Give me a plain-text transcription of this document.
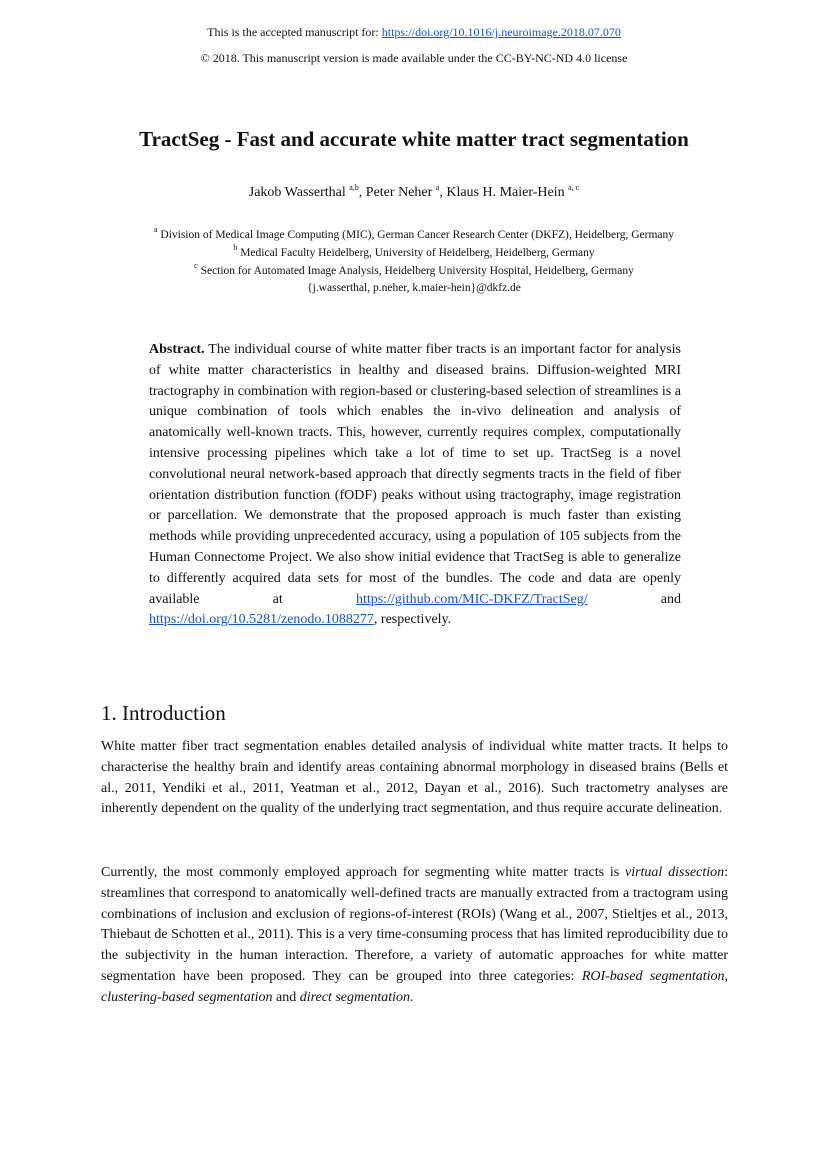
This is the accepted manuscript for: https://doi.org/10.1016/j.neuroimage.2018.07.070
© 2018. This manuscript version is made available under the CC-BY-NC-ND 4.0 license
TractSeg - Fast and accurate white matter tract segmentation
Jakob Wasserthal $^{a,b}$, Peter Neher $^a$, Klaus H. Maier-Hein $^{a, c}$
$^a$ Division of Medical Image Computing (MIC), German Cancer Research Center (DKFZ), Heidelberg, Germany
$^b$ Medical Faculty Heidelberg, University of Heidelberg, Heidelberg, Germany
$^c$ Section for Automated Image Analysis, Heidelberg University Hospital, Heidelberg, Germany
{j.wasserthal, p.neher, k.maier-hein}@dkfz.de
Abstract. The individual course of white matter fiber tracts is an important factor for analysis of white matter characteristics in healthy and diseased brains. Diffusion-weighted MRI tractography in combination with region-based or clustering-based selection of streamlines is a unique combination of tools which enables the in-vivo delineation and analysis of anatomically well-known tracts. This, however, currently requires complex, computationally intensive processing pipelines which take a lot of time to set up. TractSeg is a novel convolutional neural network-based approach that directly segments tracts in the field of fiber orientation distribution function (fODF) peaks without using tractography, image registration or parcellation. We demonstrate that the proposed approach is much faster than existing methods while providing unprecedented accuracy, using a population of 105 subjects from the Human Connectome Project. We also show initial evidence that TractSeg is able to generalize to differently acquired data sets for most of the bundles. The code and data are openly available at https://github.com/MIC-DKFZ/TractSeg/ and https://doi.org/10.5281/zenodo.1088277, respectively.
1. Introduction
White matter fiber tract segmentation enables detailed analysis of individual white matter tracts. It helps to characterise the healthy brain and identify areas containing abnormal morphology in diseased brains (Bells et al., 2011, Yendiki et al., 2011, Yeatman et al., 2012, Dayan et al., 2016). Such tractometry analyses are inherently dependent on the quality of the underlying tract segmentation, and thus require accurate delineation.
Currently, the most commonly employed approach for segmenting white matter tracts is virtual dissection: streamlines that correspond to anatomically well-defined tracts are manually extracted from a tractogram using combinations of inclusion and exclusion of regions-of-interest (ROIs) (Wang et al., 2007, Stieltjes et al., 2013, Thiebaut de Schotten et al., 2011). This is a very time-consuming process that has limited reproducibility due to the subjectivity in the human interaction. Therefore, a variety of automatic approaches for white matter segmentation have been proposed. They can be grouped into three categories: ROI-based segmentation, clustering-based segmentation and direct segmentation.
